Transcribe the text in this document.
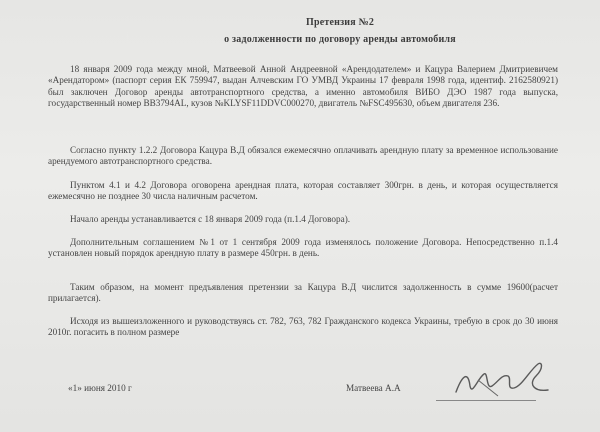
Претензия №2
о задолженности по договору аренды автомобиля

18 января 2009 года между мной, Матвеевой Анной Андреевной «Арендодателем» и Кацура Валерием Дмитриевичем «Арендатором» (паспорт серия ЕК 759947, выдан Алчевским ГО УМВД Украины 17 февраля 1998 года, идентиф. 2162580921) был заключен Договор аренды автотранспортного средства, а именно автомобиля ВИБО ДЭО 1987 года выпуска, государственный номер ВВ3794АL, кузов №KLYSF11DDVC000270, двигатель №FSC495630, объем двигателя 236.

Согласно пункту 1.2.2 Договора Кацура В.Д обязался ежемесячно оплачивать арендную плату за временное использование арендуемого автотранспортного средства.

Пунктом 4.1 и 4.2 Договора оговорена арендная плата, которая составляет 300грн. в день, и которая осуществляется ежемесячно не позднее 30 числа наличным расчетом.

Начало аренды устанавливается с 18 января 2009 года (п.1.4 Договора).

Дополнительным соглашением №1 от 1 сентября 2009 года изменялось положение Договора. Непосредственно п.1.4 установлен новый порядок арендную плату в размере 450грн. в день.

Таким образом, на момент предъявления претензии за Кацура В.Д числится задолженность в сумме 19600(расчет прилагается).

Исходя из вышеизложенного и руководствуясь ст. 782, 763, 782 Гражданского кодекса Украины, требую в срок до 30 июня 2010г. погасить в полном размере

«1» июня 2010 г	Матвеева А.А
